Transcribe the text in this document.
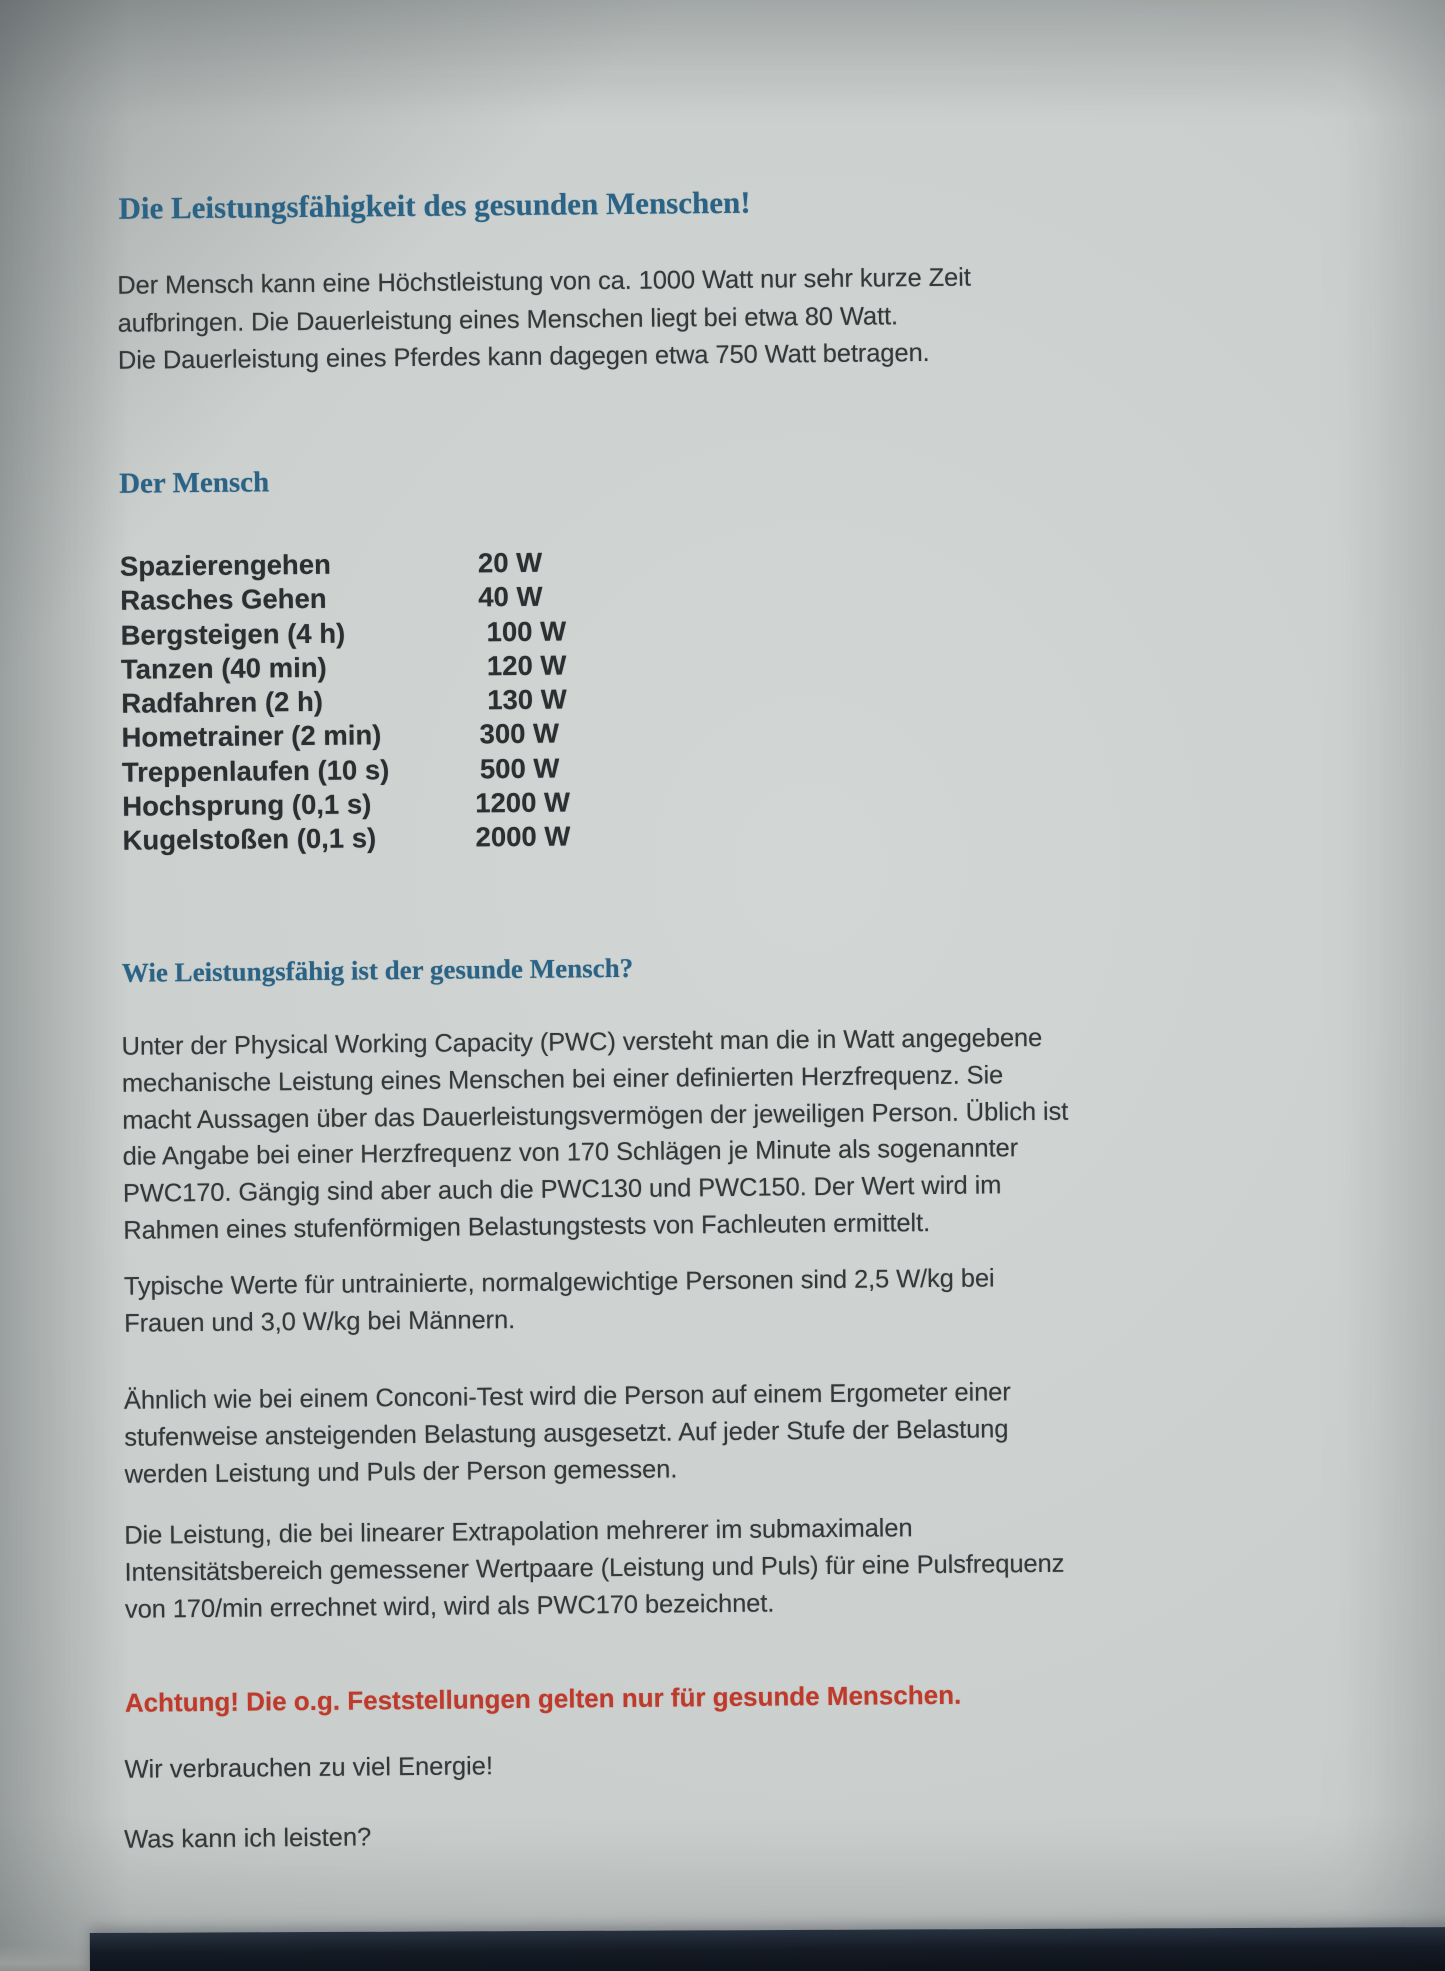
Die Leistungsfähigkeit des gesunden Menschen!
Der Mensch kann eine Höchstleistung von ca. 1000 Watt nur sehr kurze Zeit
aufbringen. Die Dauerleistung eines Menschen liegt bei etwa 80 Watt.
Die Dauerleistung eines Pferdes kann dagegen etwa 750 Watt betragen.
Der Mensch
Spazierengehen	20 W
Rasches Gehen	40 W
Bergsteigen (4 h)	100 W
Tanzen (40 min)	120 W
Radfahren (2 h)	130 W
Hometrainer (2 min)	300 W
Treppenlaufen (10 s)	500 W
Hochsprung (0,1 s)	1200 W
Kugelstoßen (0,1 s)	2000 W
Wie Leistungsfähig ist der gesunde Mensch?
Unter der Physical Working Capacity (PWC) versteht man die in Watt angegebene
mechanische Leistung eines Menschen bei einer definierten Herzfrequenz. Sie
macht Aussagen über das Dauerleistungsvermögen der jeweiligen Person. Üblich ist
die Angabe bei einer Herzfrequenz von 170 Schlägen je Minute als sogenannter
PWC170. Gängig sind aber auch die PWC130 und PWC150. Der Wert wird im
Rahmen eines stufenförmigen Belastungstests von Fachleuten ermittelt.
Typische Werte für untrainierte, normalgewichtige Personen sind 2,5 W/kg bei
Frauen und 3,0 W/kg bei Männern.
Ähnlich wie bei einem Conconi-Test wird die Person auf einem Ergometer einer
stufenweise ansteigenden Belastung ausgesetzt. Auf jeder Stufe der Belastung
werden Leistung und Puls der Person gemessen.
Die Leistung, die bei linearer Extrapolation mehrerer im submaximalen
Intensitätsbereich gemessener Wertpaare (Leistung und Puls) für eine Pulsfrequenz
von 170/min errechnet wird, wird als PWC170 bezeichnet.
Achtung! Die o.g. Feststellungen gelten nur für gesunde Menschen.
Wir verbrauchen zu viel Energie!
Was kann ich leisten?
